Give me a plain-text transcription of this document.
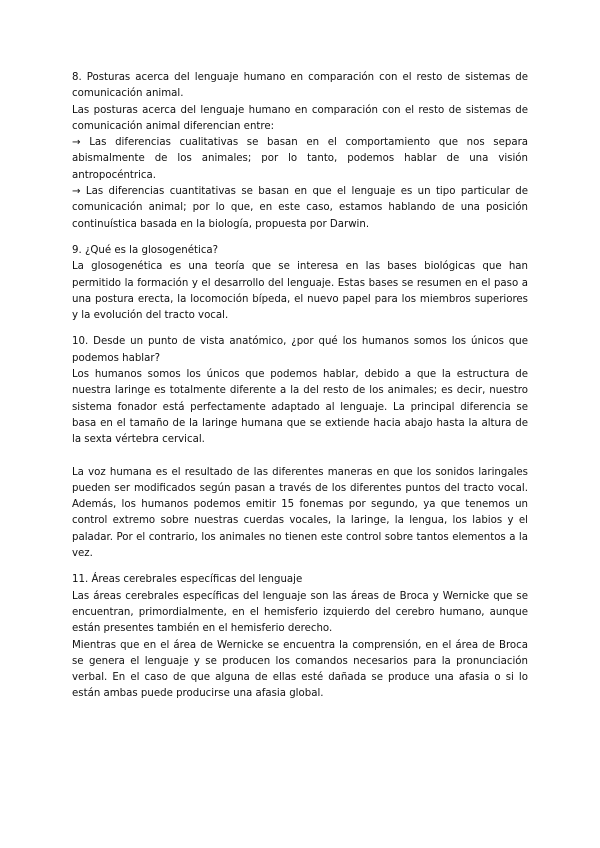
8. Posturas acerca del lenguaje humano en comparación con el resto de sistemas de comunicación animal.

Las posturas acerca del lenguaje humano en comparación con el resto de sistemas de comunicación animal diferencian entre:

→ Las diferencias cualitativas se basan en el comportamiento que nos separa abismalmente de los animales; por lo tanto, podemos hablar de una visión antropocéntrica.

→ Las diferencias cuantitativas se basan en que el lenguaje es un tipo particular de comunicación animal; por lo que, en este caso, estamos hablando de una posición continuística basada en la biología, propuesta por Darwin.

9. ¿Qué es la glosogenética?

La glosogenética es una teoría que se interesa en las bases biológicas que han permitido la formación y el desarrollo del lenguaje. Estas bases se resumen en el paso a una postura erecta, la locomoción bípeda, el nuevo papel para los miembros superiores y la evolución del tracto vocal.

10. Desde un punto de vista anatómico, ¿por qué los humanos somos los únicos que podemos hablar?

Los humanos somos los únicos que podemos hablar, debido a que la estructura de nuestra laringe es totalmente diferente a la del resto de los animales; es decir, nuestro sistema fonador está perfectamente adaptado al lenguaje. La principal diferencia se basa en el tamaño de la laringe humana que se extiende hacia abajo hasta la altura de la sexta vértebra cervical.

La voz humana es el resultado de las diferentes maneras en que los sonidos laringales pueden ser modificados según pasan a través de los diferentes puntos del tracto vocal. Además, los humanos podemos emitir 15 fonemas por segundo, ya que tenemos un control extremo sobre nuestras cuerdas vocales, la laringe, la lengua, los labios y el paladar. Por el contrario, los animales no tienen este control sobre tantos elementos a la vez.

11. Áreas cerebrales específicas del lenguaje

Las áreas cerebrales específicas del lenguaje son las áreas de Broca y Wernicke que se encuentran, primordialmente, en el hemisferio izquierdo del cerebro humano, aunque están presentes también en el hemisferio derecho.

Mientras que en el área de Wernicke se encuentra la comprensión, en el área de Broca se genera el lenguaje y se producen los comandos necesarios para la pronunciación verbal. En el caso de que alguna de ellas esté dañada se produce una afasia o si lo están ambas puede producirse una afasia global.
